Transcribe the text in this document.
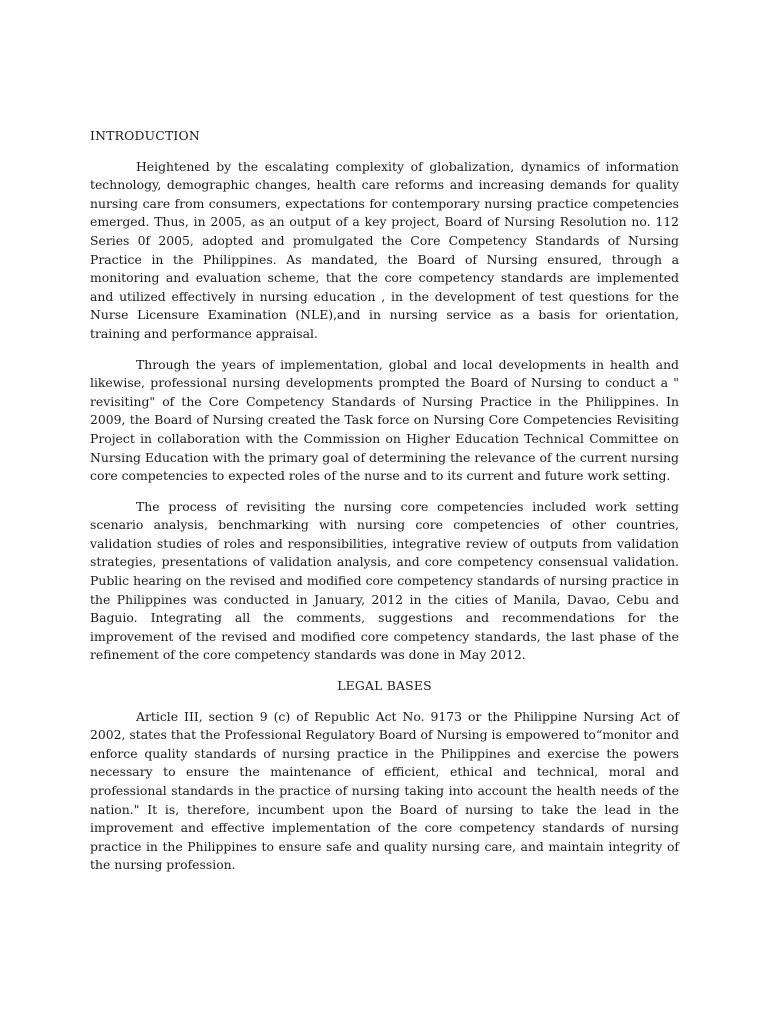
INTRODUCTION

Heightened by the escalating complexity of globalization, dynamics of information technology, demographic changes, health care reforms and increasing demands for quality nursing care from consumers, expectations for contemporary nursing practice competencies emerged. Thus, in 2005, as an output of a key project, Board of Nursing Resolution no. 112 Series 0f 2005, adopted and promulgated the Core Competency Standards of Nursing Practice in the Philippines. As mandated, the Board of Nursing ensured, through a monitoring and evaluation scheme, that the core competency standards are implemented and utilized effectively in nursing education , in the development of test questions for the Nurse Licensure Examination (NLE),and in nursing service as a basis for orientation, training and performance appraisal.

Through the years of implementation, global and local developments in health and likewise, professional nursing developments prompted the Board of Nursing to conduct a " revisiting" of the Core Competency Standards of Nursing Practice in the Philippines. In 2009, the Board of Nursing created the Task force on Nursing Core Competencies Revisiting Project in collaboration with the Commission on Higher Education Technical Committee on Nursing Education with the primary goal of determining the relevance of the current nursing core competencies to expected roles of the nurse and to its current and future work setting.

The process of revisiting the nursing core competencies included work setting scenario analysis, benchmarking with nursing core competencies of other countries, validation studies of roles and responsibilities, integrative review of outputs from validation strategies, presentations of validation analysis, and core competency consensual validation. Public hearing on the revised and modified core competency standards of nursing practice in the Philippines was conducted in January, 2012 in the cities of Manila, Davao, Cebu and Baguio. Integrating all the comments, suggestions and recommendations for the improvement of the revised and modified core competency standards, the last phase of the refinement of the core competency standards was done in May 2012.

LEGAL BASES

Article III, section 9 (c) of Republic Act No. 9173 or the Philippine Nursing Act of 2002, states that the Professional Regulatory Board of Nursing is empowered to“monitor and enforce quality standards of nursing practice in the Philippines and exercise the powers necessary to ensure the maintenance of efficient, ethical and technical, moral and professional standards in the practice of nursing taking into account the health needs of the nation." It is, therefore, incumbent upon the Board of nursing to take the lead in the improvement and effective implementation of the core competency standards of nursing practice in the Philippines to ensure safe and quality nursing care, and maintain integrity of the nursing profession.
